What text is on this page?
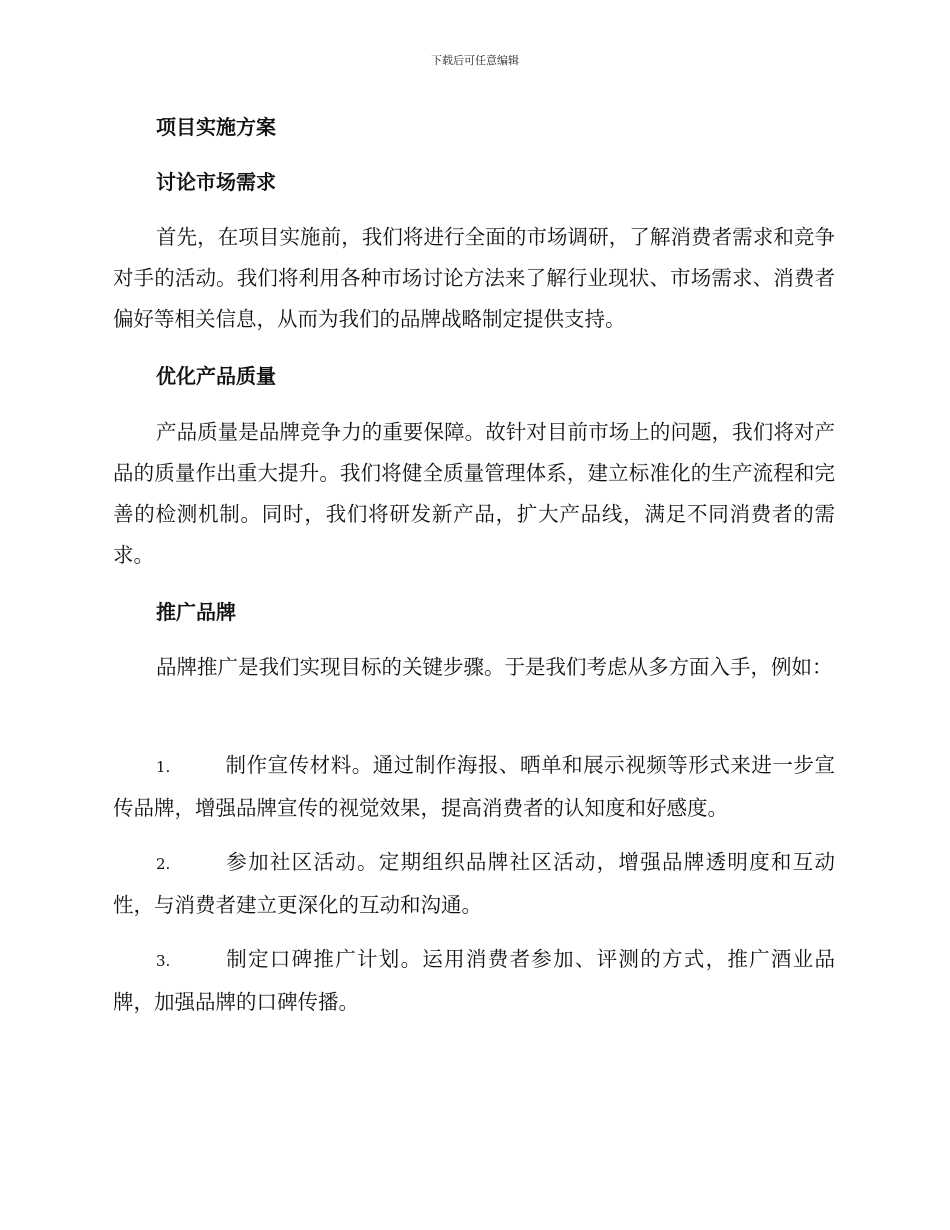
下载后可任意编辑
项目实施方案
讨论市场需求
首先，在项目实施前，我们将进行全面的市场调研，了解消费者需求和竞争对手的活动。我们将利用各种市场讨论方法来了解行业现状、市场需求、消费者偏好等相关信息，从而为我们的品牌战略制定提供支持。
优化产品质量
产品质量是品牌竞争力的重要保障。故针对目前市场上的问题，我们将对产品的质量作出重大提升。我们将健全质量管理体系，建立标准化的生产流程和完善的检测机制。同时，我们将研发新产品，扩大产品线，满足不同消费者的需求。
推广品牌
品牌推广是我们实现目标的关键步骤。于是我们考虑从多方面入手，例如：
1.	制作宣传材料。通过制作海报、晒单和展示视频等形式来进一步宣传品牌，增强品牌宣传的视觉效果，提高消费者的认知度和好感度。
2.	参加社区活动。定期组织品牌社区活动，增强品牌透明度和互动性，与消费者建立更深化的互动和沟通。
3.	制定口碑推广计划。运用消费者参加、评测的方式，推广酒业品牌，加强品牌的口碑传播。
